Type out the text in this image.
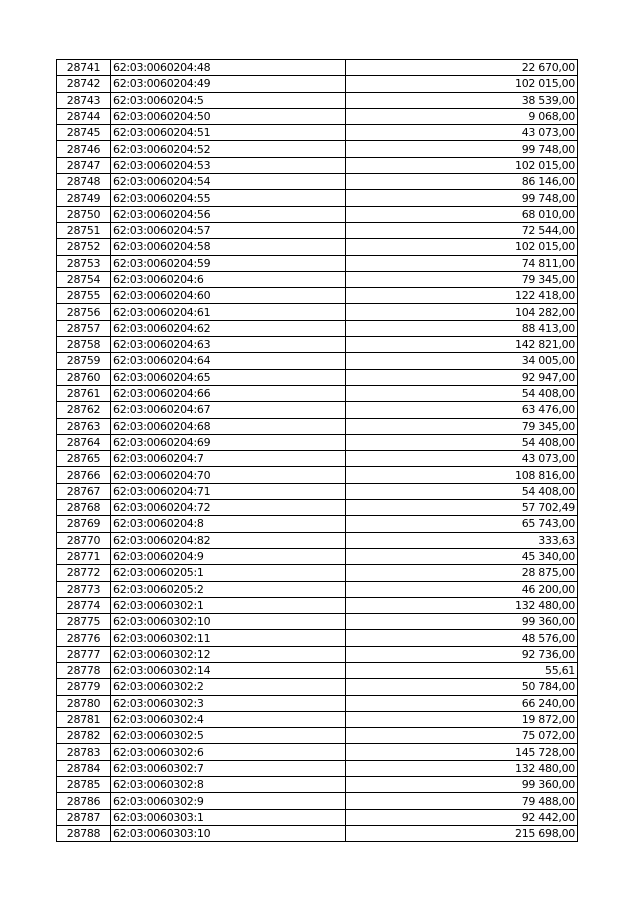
28741	62:03:0060204:48	22 670,00
28742	62:03:0060204:49	102 015,00
28743	62:03:0060204:5	38 539,00
28744	62:03:0060204:50	9 068,00
28745	62:03:0060204:51	43 073,00
28746	62:03:0060204:52	99 748,00
28747	62:03:0060204:53	102 015,00
28748	62:03:0060204:54	86 146,00
28749	62:03:0060204:55	99 748,00
28750	62:03:0060204:56	68 010,00
28751	62:03:0060204:57	72 544,00
28752	62:03:0060204:58	102 015,00
28753	62:03:0060204:59	74 811,00
28754	62:03:0060204:6	79 345,00
28755	62:03:0060204:60	122 418,00
28756	62:03:0060204:61	104 282,00
28757	62:03:0060204:62	88 413,00
28758	62:03:0060204:63	142 821,00
28759	62:03:0060204:64	34 005,00
28760	62:03:0060204:65	92 947,00
28761	62:03:0060204:66	54 408,00
28762	62:03:0060204:67	63 476,00
28763	62:03:0060204:68	79 345,00
28764	62:03:0060204:69	54 408,00
28765	62:03:0060204:7	43 073,00
28766	62:03:0060204:70	108 816,00
28767	62:03:0060204:71	54 408,00
28768	62:03:0060204:72	57 702,49
28769	62:03:0060204:8	65 743,00
28770	62:03:0060204:82	333,63
28771	62:03:0060204:9	45 340,00
28772	62:03:0060205:1	28 875,00
28773	62:03:0060205:2	46 200,00
28774	62:03:0060302:1	132 480,00
28775	62:03:0060302:10	99 360,00
28776	62:03:0060302:11	48 576,00
28777	62:03:0060302:12	92 736,00
28778	62:03:0060302:14	55,61
28779	62:03:0060302:2	50 784,00
28780	62:03:0060302:3	66 240,00
28781	62:03:0060302:4	19 872,00
28782	62:03:0060302:5	75 072,00
28783	62:03:0060302:6	145 728,00
28784	62:03:0060302:7	132 480,00
28785	62:03:0060302:8	99 360,00
28786	62:03:0060302:9	79 488,00
28787	62:03:0060303:1	92 442,00
28788	62:03:0060303:10	215 698,00
